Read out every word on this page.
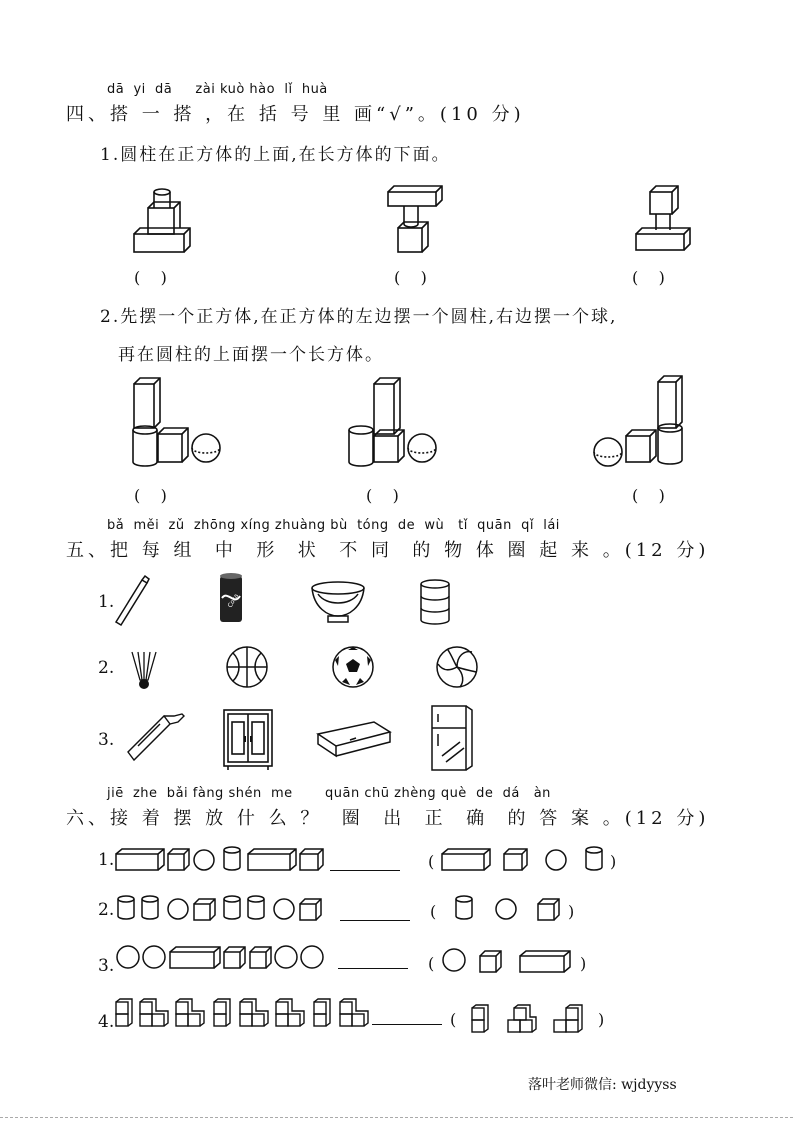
dā  yi  dā     zài kuò hào  lǐ  huà
四、搭 一 搭 ，在 括 号 里 画“√”。(10 分)
1.圆柱在正方体的上面,在长方体的下面。
(    )	(    )	(    )
2.先摆一个正方体,在正方体的左边摆一个圆柱,右边摆一个球,
再在圆柱的上面摆一个长方体。
(    )	(    )	(    )
bǎ  měi  zǔ  zhōng xíng zhuàng bù  tóng  de  wù   tǐ  quān  qǐ  lái
五、把 每 组  中  形  状  不 同  的 物 体 圈 起 来 。(12 分)
1.	Coca
2.
3.
jiē  zhe  bǎi fàng shén  me       quān chū zhèng què  de  dá   àn
六、接 着 摆 放 什 么 ？  圈  出  正  确  的 答 案 。(12 分)
1.	(	)
2.	(	)
3.	(	)
4.	(	)
落叶老师微信: wjdyyss
